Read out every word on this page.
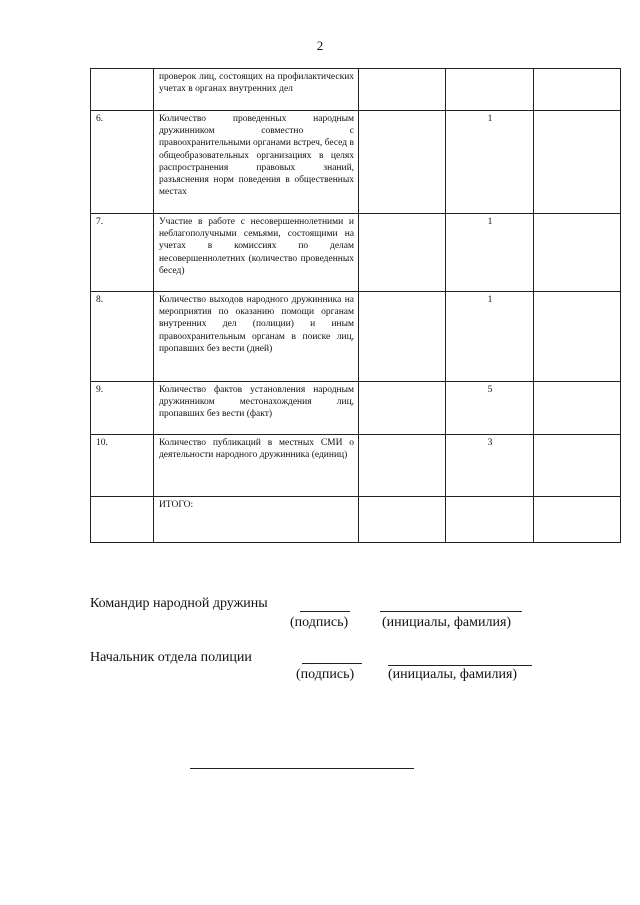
2
	проверок лиц, состоящих на профилактических учетах в органах внутренних дел			
6.	Количество проведенных народным дружинником совместно с правоохранительными органами встреч, бесед в общеобразовательных организациях в целях распространения правовых знаний, разъяснения норм поведения в общественных местах		1	
7.	Участие в работе с несовершеннолетними и неблагополучными семьями, состоящими на учетах в комиссиях по делам несовершеннолетних (количество проведенных бесед)		1	
8.	Количество выходов народного дружинника на мероприятия по оказанию помощи органам внутренних дел (полиции) и иным правоохранительным органам в поиске лиц, пропавших без вести (дней)		1	
9.	Количество фактов установления народным дружинником местонахождения лиц, пропавших без вести (факт)		5	
10.	Количество публикаций в местных СМИ о деятельности народного дружинника (единиц)		3	
	ИТОГО:			
Командир народной дружины
(подпись) (инициалы, фамилия)
Начальник отдела полиции
(подпись) (инициалы, фамилия)
